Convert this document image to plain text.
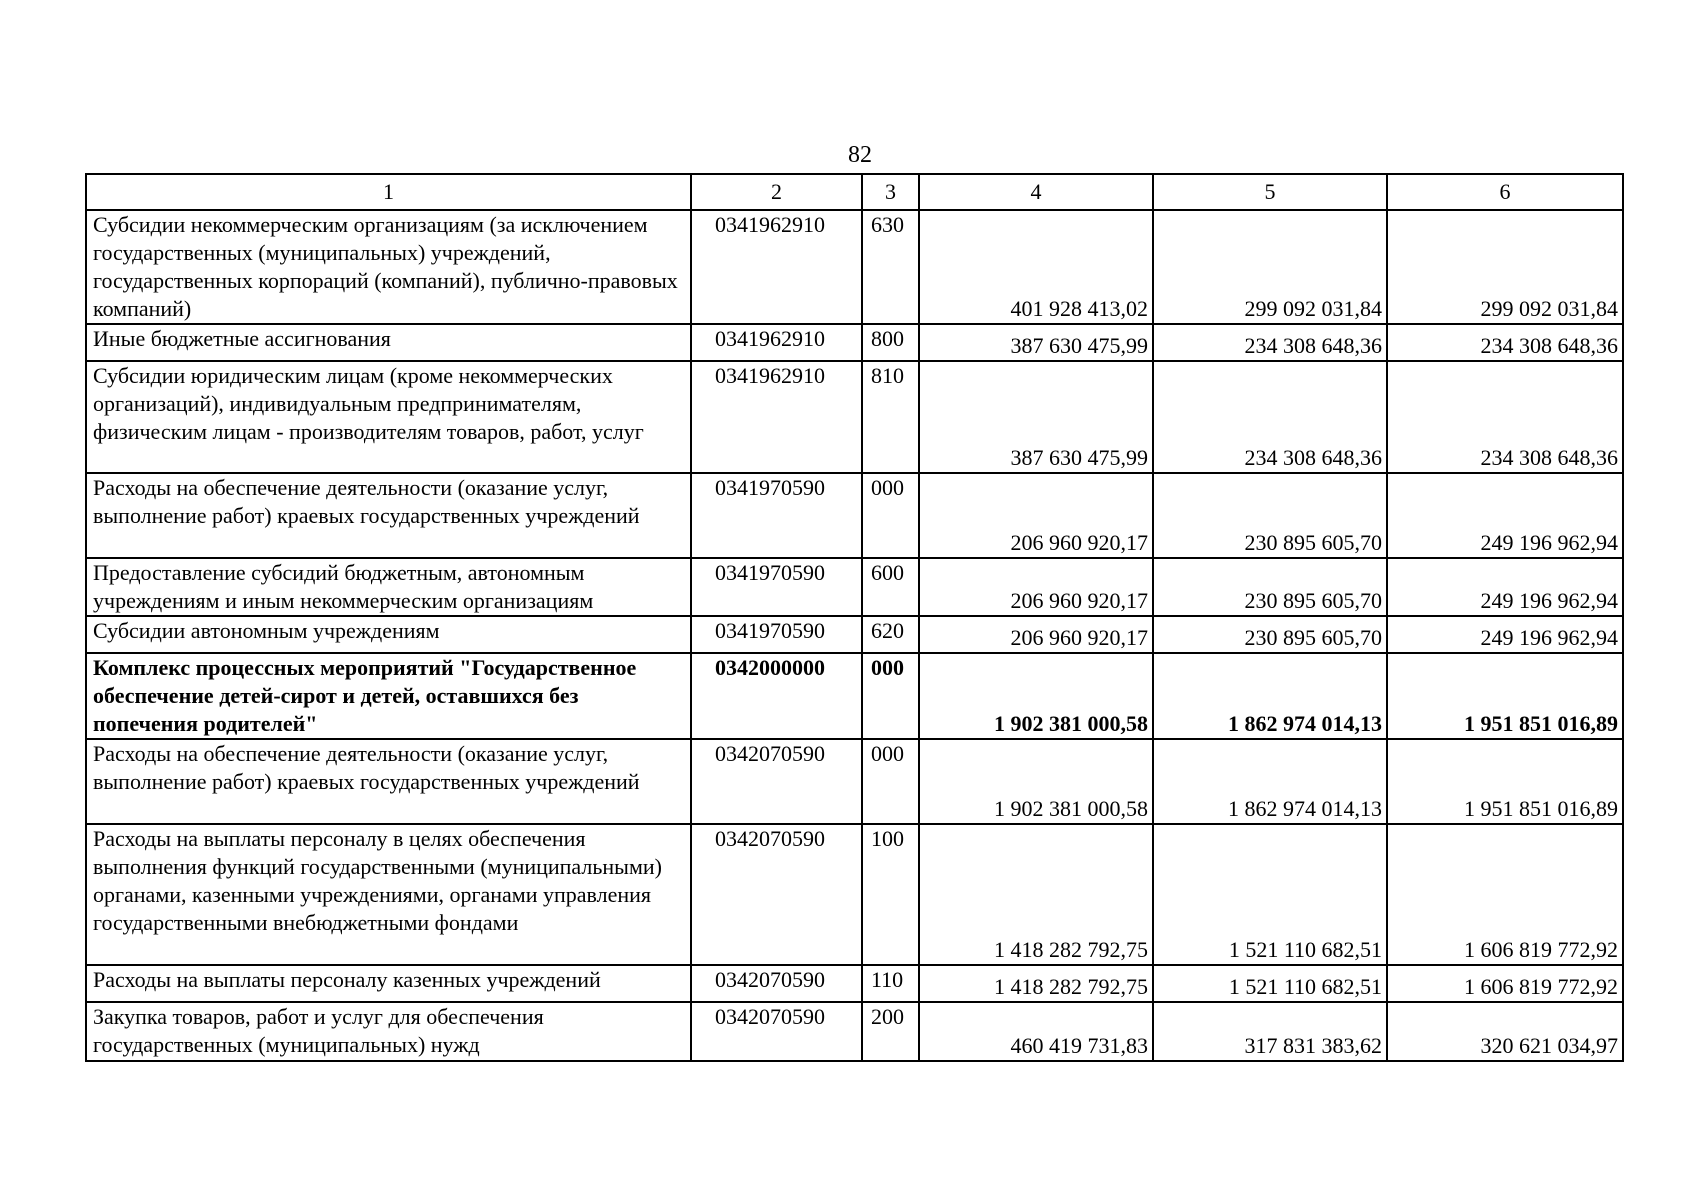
82
1	2	3	4	5	6
Субсидии некоммерческим организациям (за исключением государственных (муниципальных) учреждений, государственных корпораций (компаний), публично-правовых компаний)	0341962910	630	401 928 413,02	299 092 031,84	299 092 031,84
Иные бюджетные ассигнования	0341962910	800	387 630 475,99	234 308 648,36	234 308 648,36
Субсидии юридическим лицам (кроме некоммерческих организаций), индивидуальным предпринимателям, физическим лицам - производителям товаров, работ, услуг	0341962910	810	387 630 475,99	234 308 648,36	234 308 648,36
Расходы на обеспечение деятельности (оказание услуг, выполнение работ) краевых государственных учреждений	0341970590	000	206 960 920,17	230 895 605,70	249 196 962,94
Предоставление субсидий бюджетным, автономным учреждениям и иным некоммерческим организациям	0341970590	600	206 960 920,17	230 895 605,70	249 196 962,94
Субсидии автономным учреждениям	0341970590	620	206 960 920,17	230 895 605,70	249 196 962,94
Комплекс процессных мероприятий "Государственное обеспечение детей-сирот и детей, оставшихся без попечения родителей"	0342000000	000	1 902 381 000,58	1 862 974 014,13	1 951 851 016,89
Расходы на обеспечение деятельности (оказание услуг, выполнение работ) краевых государственных учреждений	0342070590	000	1 902 381 000,58	1 862 974 014,13	1 951 851 016,89
Расходы на выплаты персоналу в целях обеспечения выполнения функций государственными (муниципальными) органами, казенными учреждениями, органами управления государственными внебюджетными фондами	0342070590	100	1 418 282 792,75	1 521 110 682,51	1 606 819 772,92
Расходы на выплаты персоналу казенных учреждений	0342070590	110	1 418 282 792,75	1 521 110 682,51	1 606 819 772,92
Закупка товаров, работ и услуг для обеспечения государственных (муниципальных) нужд	0342070590	200	460 419 731,83	317 831 383,62	320 621 034,97
